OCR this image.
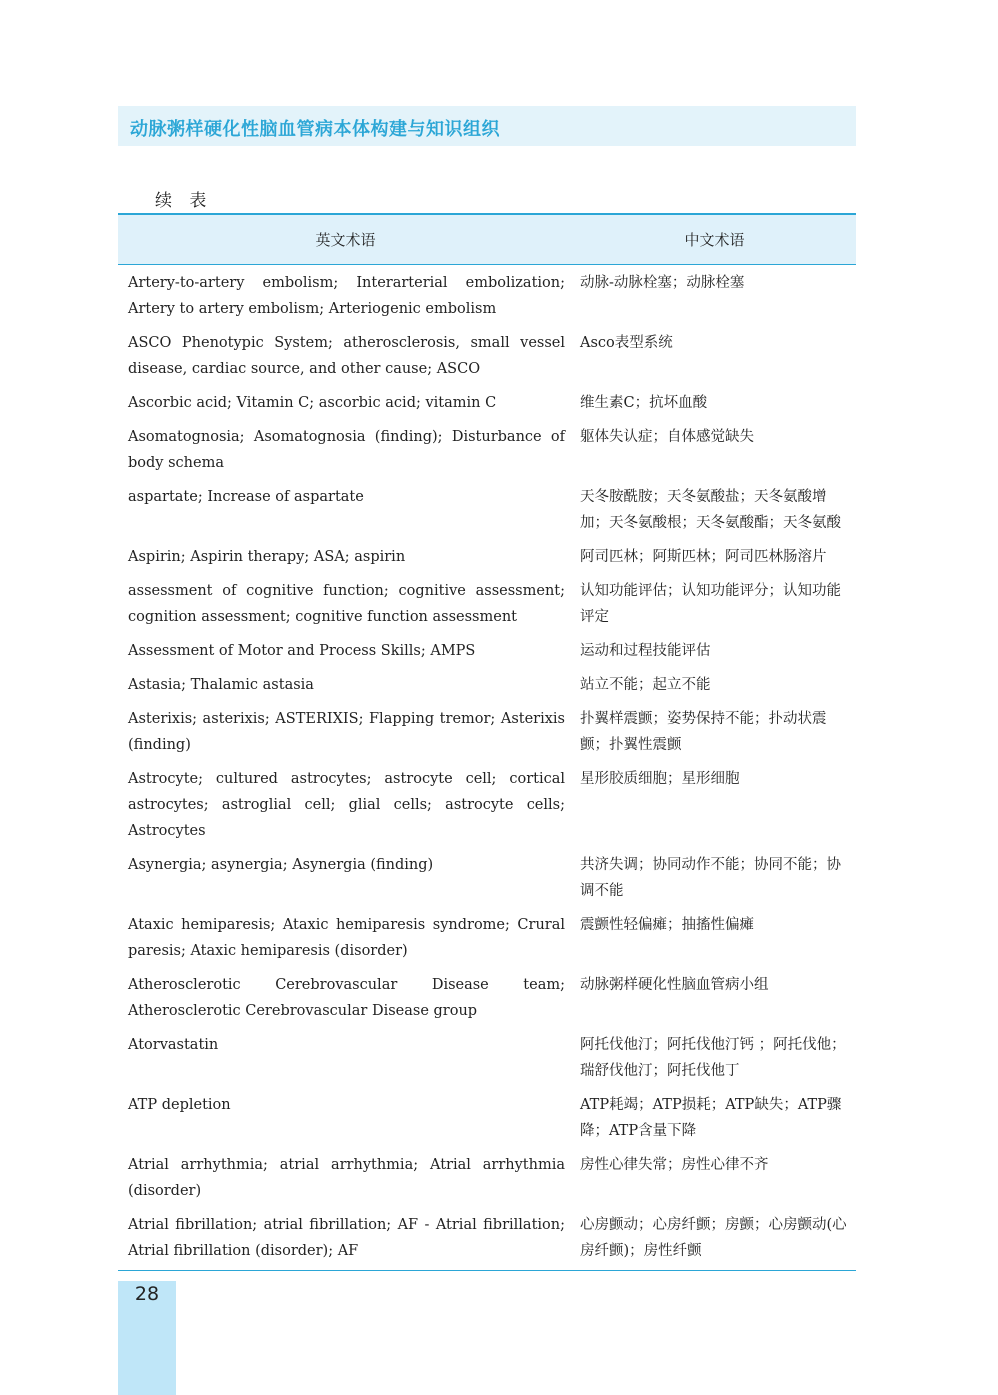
动脉粥样硬化性脑血管病本体构建与知识组织
续 表
英文术语	中文术语
Artery-to-artery embolism; Interarterial embolization; Artery to artery embolism; Arteriogenic embolism	动脉-动脉栓塞；动脉栓塞
ASCO Phenotypic System; atherosclerosis, small vessel disease, cardiac source, and other cause; ASCO	Asco表型系统
Ascorbic acid; Vitamin C; ascorbic acid; vitamin C	维生素C；抗坏血酸
Asomatognosia; Asomatognosia (finding); Disturbance of body schema	躯体失认症；自体感觉缺失
aspartate; Increase of aspartate	天冬胺酰胺；天冬氨酸盐；天冬氨酸增加；天冬氨酸根；天冬氨酸酯；天冬氨酸
Aspirin; Aspirin therapy; ASA; aspirin	阿司匹林；阿斯匹林；阿司匹林肠溶片
assessment of cognitive function; cognitive assessment; cognition assessment; cognitive function assessment	认知功能评估；认知功能评分；认知功能评定
Assessment of Motor and Process Skills; AMPS	运动和过程技能评估
Astasia; Thalamic astasia	站立不能；起立不能
Asterixis; asterixis; ASTERIXIS; Flapping tremor; Asterixis (finding)	扑翼样震颤；姿势保持不能；扑动状震颤；扑翼性震颤
Astrocyte; cultured astrocytes; astrocyte cell; cortical astrocytes; astroglial cell; glial cells; astrocyte cells; Astrocytes	星形胶质细胞；星形细胞
Asynergia; asynergia; Asynergia (finding)	共济失调；协同动作不能；协同不能；协调不能
Ataxic hemiparesis; Ataxic hemiparesis syndrome; Crural paresis; Ataxic hemiparesis (disorder)	震颤性轻偏瘫；抽搐性偏瘫
Atherosclerotic Cerebrovascular Disease team; Atherosclerotic Cerebrovascular Disease group	动脉粥样硬化性脑血管病小组
Atorvastatin	阿托伐他汀；阿托伐他汀钙 ；阿托伐他；瑞舒伐他汀；阿托伐他丁
ATP depletion	ATP耗竭；ATP损耗；ATP缺失；ATP骤降；ATP含量下降
Atrial arrhythmia; atrial arrhythmia; Atrial arrhythmia (disorder)	房性心律失常；房性心律不齐
Atrial fibrillation; atrial fibrillation; AF - Atrial fibrillation; Atrial fibrillation (disorder); AF	心房颤动；心房纤颤；房颤；心房颤动(心房纤颤)；房性纤颤
28
